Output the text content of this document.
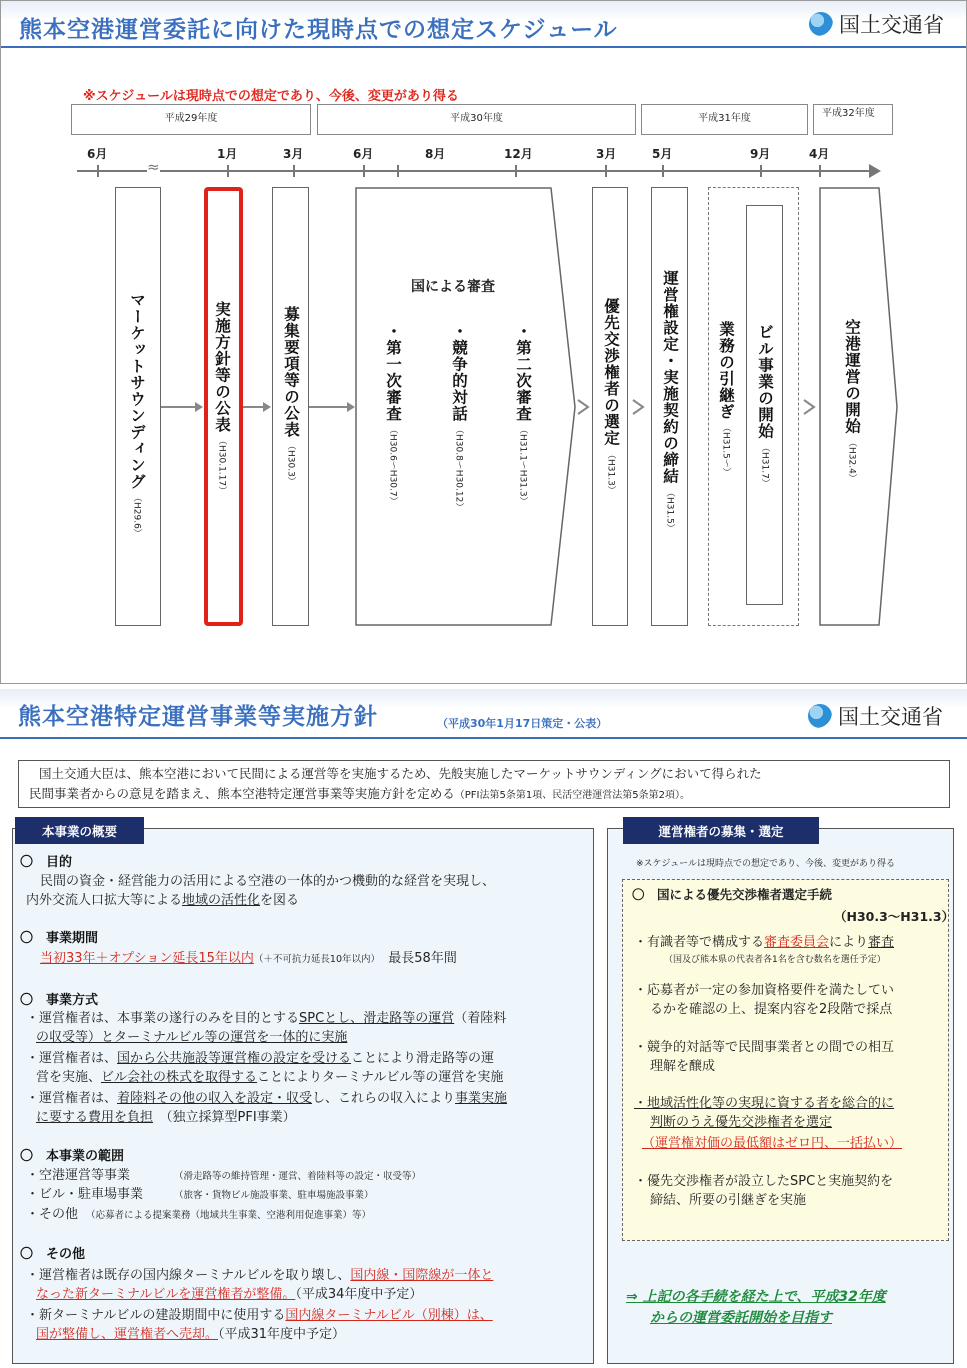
熊本空港運営委託に向けた現時点での想定スケジュール	国土交通省
※スケジュールは現時点での想定であり、今後、変更があり得る
平成29年度	平成30年度	平成31年度	平成32年度
6月	1月	3月	6月	8月	12月	3月	5月	9月	4月
≈
マーケットサウンディング
（H29.6）
実施方針等の公表
（H30.1.17）
募集要項等の公表
（H30.3）
国による審査
・第一次審査
（H30.6〜H30.7）
・競争的対話
（H30.8〜H30.12）
・第二次審査
（H31.1〜H31.3）
優先交渉権者の選定
（H31.3）	運営権設定・実施契約の締結
（H31.5）
業務の引継ぎ
（H31.5〜）
ビル事業の開始
（H31.7）
空港運営の開始
（H32.4）
熊本空港特定運営事業等実施方針	（平成30年1月17日策定・公表）	国土交通省
国土交通大臣は、熊本空港において民間による運営等を実施するため、先般実施したマーケットサウンディングにおいて得られた
民間事業者からの意見を踏まえ、熊本空港特定運営事業等実施方針を定める（PFI法第5条第1項、民活空港運営法第5条第2項）。
本事業の概要
〇　目的
民間の資金・経営能力の活用による空港の一体的かつ機動的な経営を実現し、
内外交流人口拡大等による地域の活性化を図る
〇　事業期間
当初33年＋オプション延長15年以内（＋不可抗力延長10年以内）　 最長58年間
〇　事業方式
・運営権者は、本事業の遂行のみを目的とするSPCとし、滑走路等の運営（着陸料
の収受等）とターミナルビル等の運営を一体的に実施
・運営権者は、国から公共施設等運営権の設定を受けることにより滑走路等の運
営を実施、ビル会社の株式を取得することによりターミナルビル等の運営を実施
・運営権者は、着陸料その他の収入を設定・収受し、これらの収入により事業実施
に要する費用を負担　 （独立採算型PFI事業）
〇　本事業の範囲
・空港運営等事業	（滑走路等の維持管理・運営、着陸料等の設定・収受等）
・ビル・駐車場事業	（旅客・貨物ビル施設事業、駐車場施設事業）
・その他 （応募者による提案業務（地域共生事業、空港利用促進事業）等）
〇　その他
・運営権者は既存の国内線ターミナルビルを取り壊し、国内線・国際線が一体と
なった新ターミナルビルを運営権者が整備。（平成34年度中予定）
・新ターミナルビルの建設期間中に使用する国内線ターミナルビル（別棟）は、
国が整備し、運営権者へ売却。（平成31年度中予定）
運営権者の募集・選定
※スケジュールは現時点での想定であり、今後、変更があり得る
〇　国による優先交渉権者選定手続
（H30.3〜H31.3）
・有識者等で構成する審査委員会により審査
（国及び熊本県の代表者各1名を含む数名を選任予定）
・応募者が一定の参加資格要件を満たしてい
るかを確認の上、提案内容を2段階で採点
・競争的対話等で民間事業者との間での相互
理解を醸成
・地域活性化等の実現に資する者を総合的に
判断のうえ優先交渉権者を選定
（運営権対価の最低額はゼロ円、一括払い）
・優先交渉権者が設立したSPCと実施契約を
締結、所要の引継ぎを実施
⇒ 上記の各手続を経た上で、平成32年度
からの運営委託開始を目指す
